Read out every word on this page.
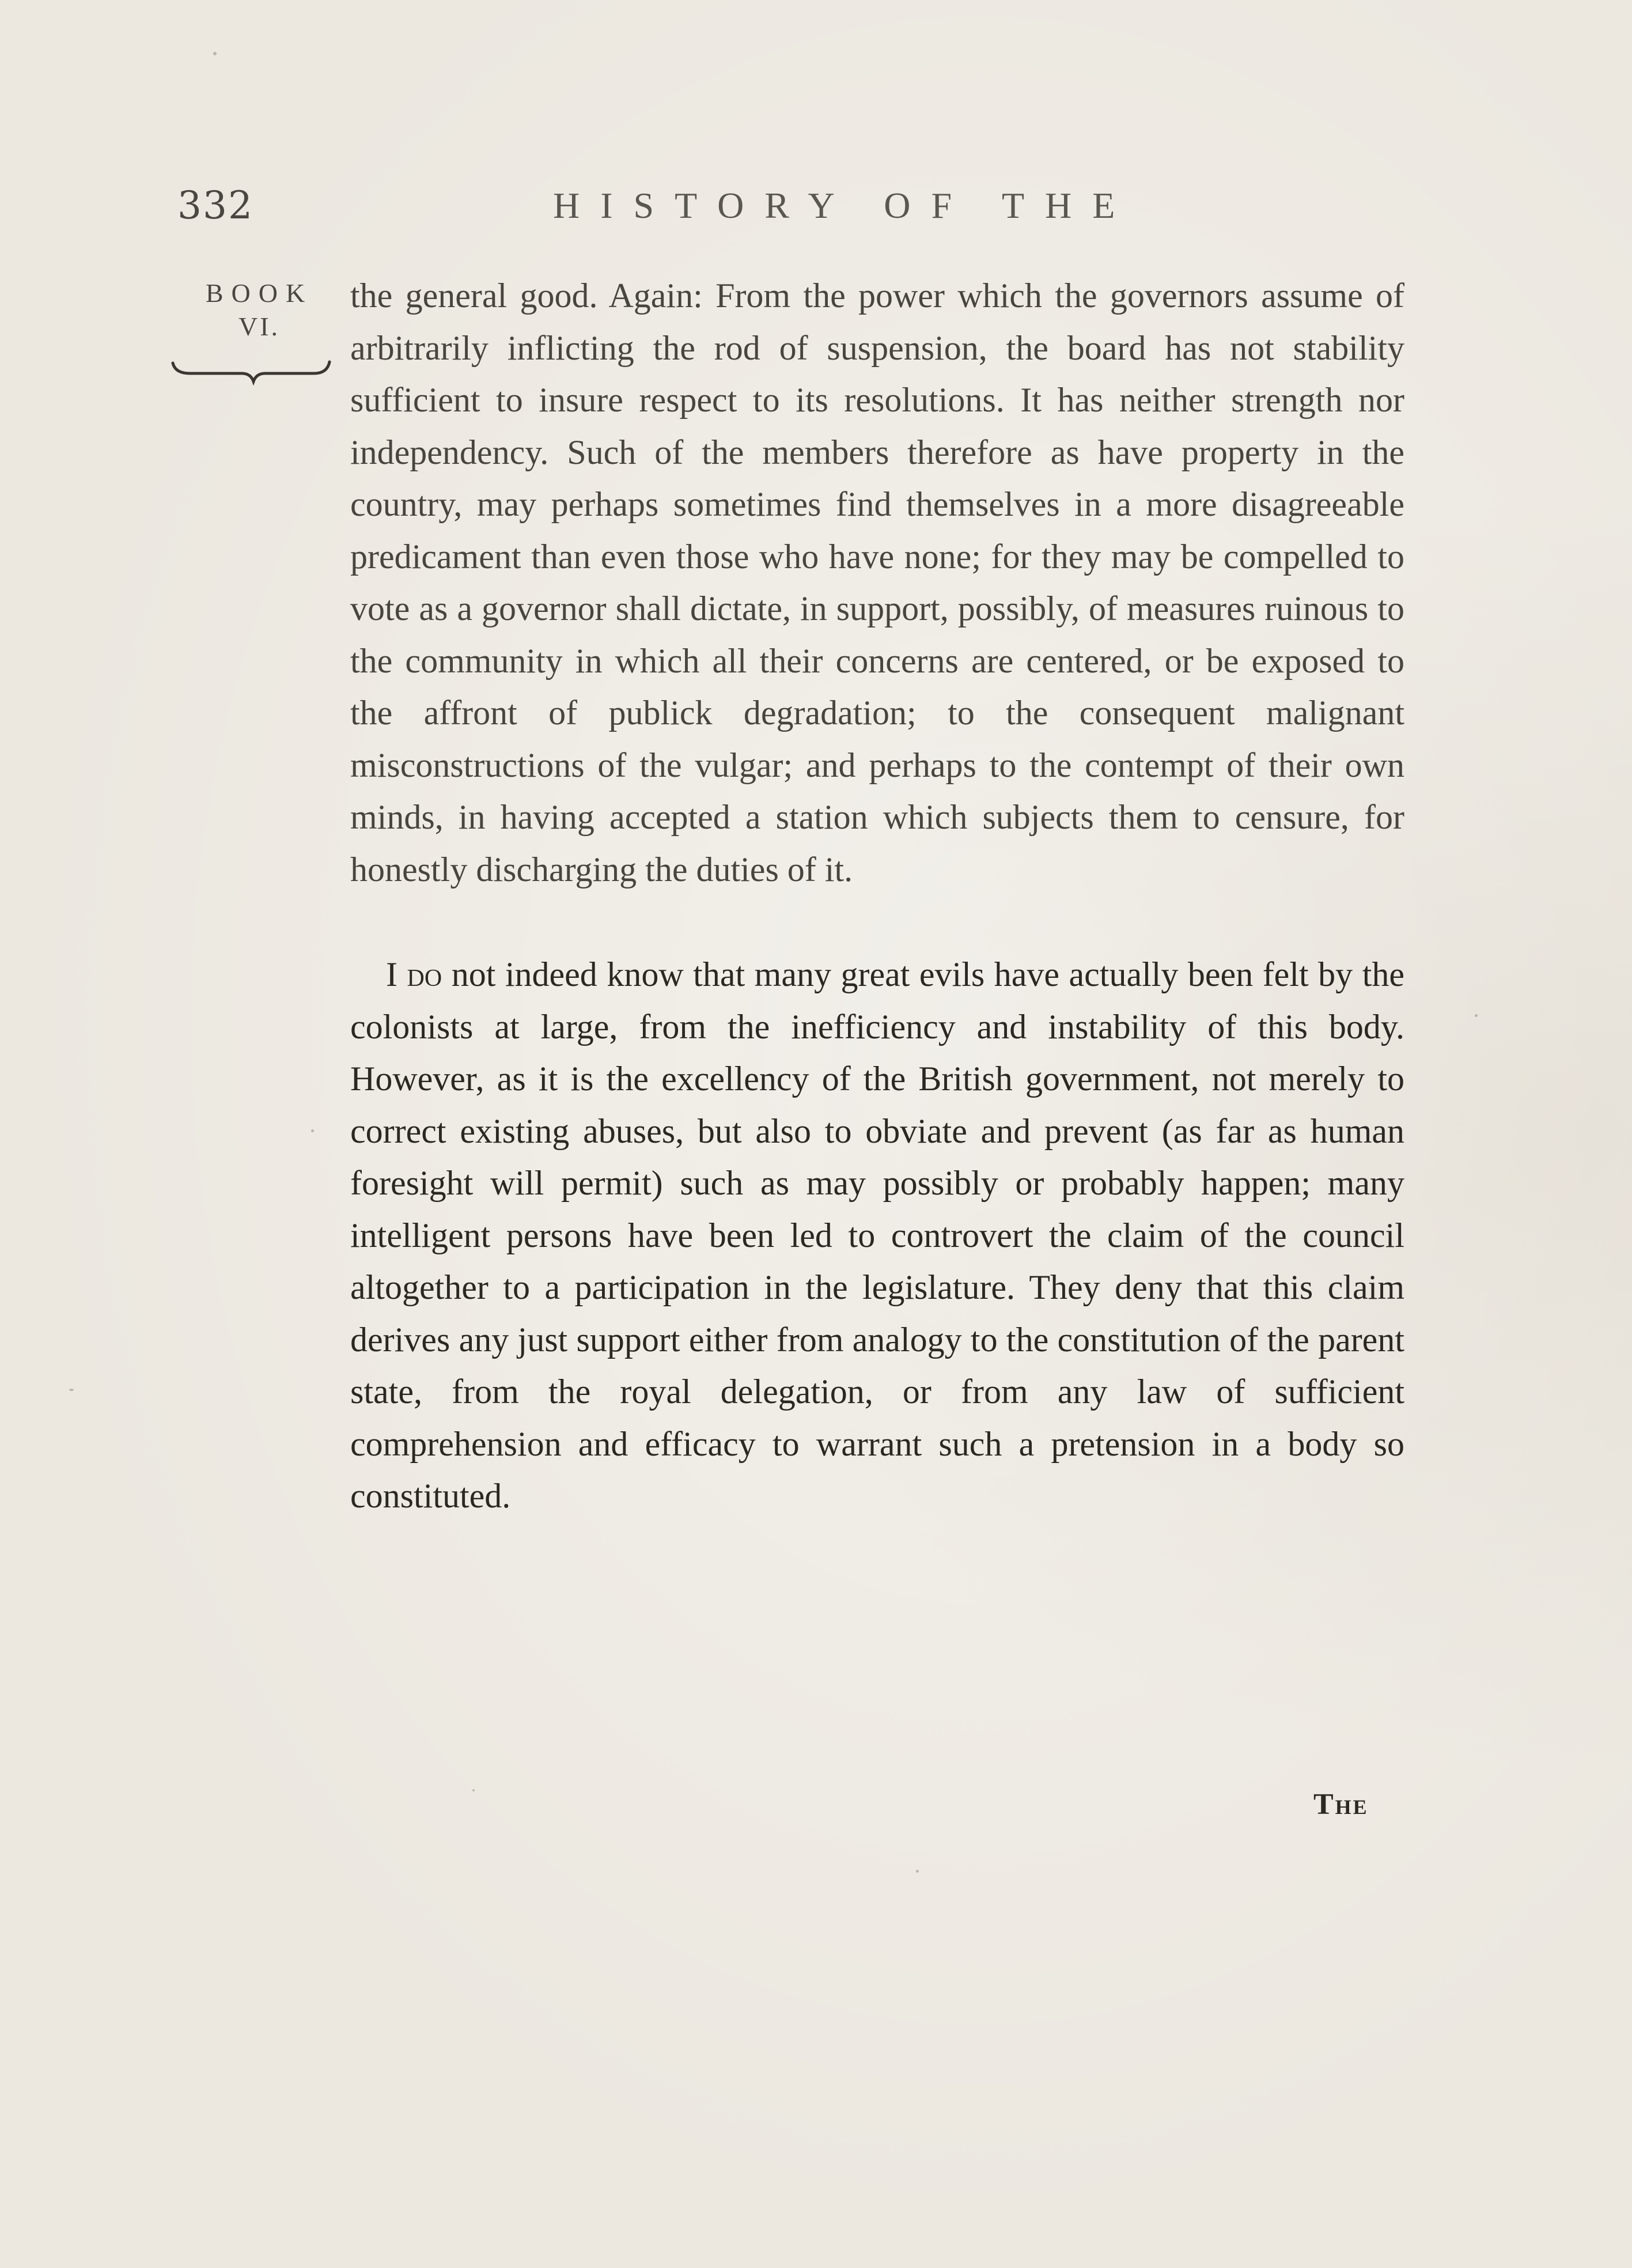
332	HISTORY OF THE
BOOK
VI.

the general good. Again: From the power which the governors assume of arbitrarily inflicting the rod of suspension, the board has not stability sufficient to insure respect to its resolutions. It has neither strength nor independency. Such of the members therefore as have property in the country, may perhaps sometimes find themselves in a more disagreeable predicament than even those who have none; for they may be compelled to vote as a governor shall dictate, in support, possibly, of measures ruinous to the community in which all their concerns are centered, or be exposed to the affront of publick degradation; to the consequent malignant misconstructions of the vulgar; and perhaps to the contempt of their own minds, in having accepted a station which subjects them to censure, for honestly discharging the duties of it.

I do not indeed know that many great evils have actually been felt by the colonists at large, from the inefficiency and instability of this body. However, as it is the excellency of the British government, not merely to correct existing abuses, but also to obviate and prevent (as far as human foresight will permit) such as may possibly or probably happen; many intelligent persons have been led to controvert the claim of the council altogether to a participation in the legislature. They deny that this claim derives any just support either from analogy to the constitution of the parent state, from the royal delegation, or from any law of sufficient comprehension and efficacy to warrant such a pretension in a body so constituted.

The
